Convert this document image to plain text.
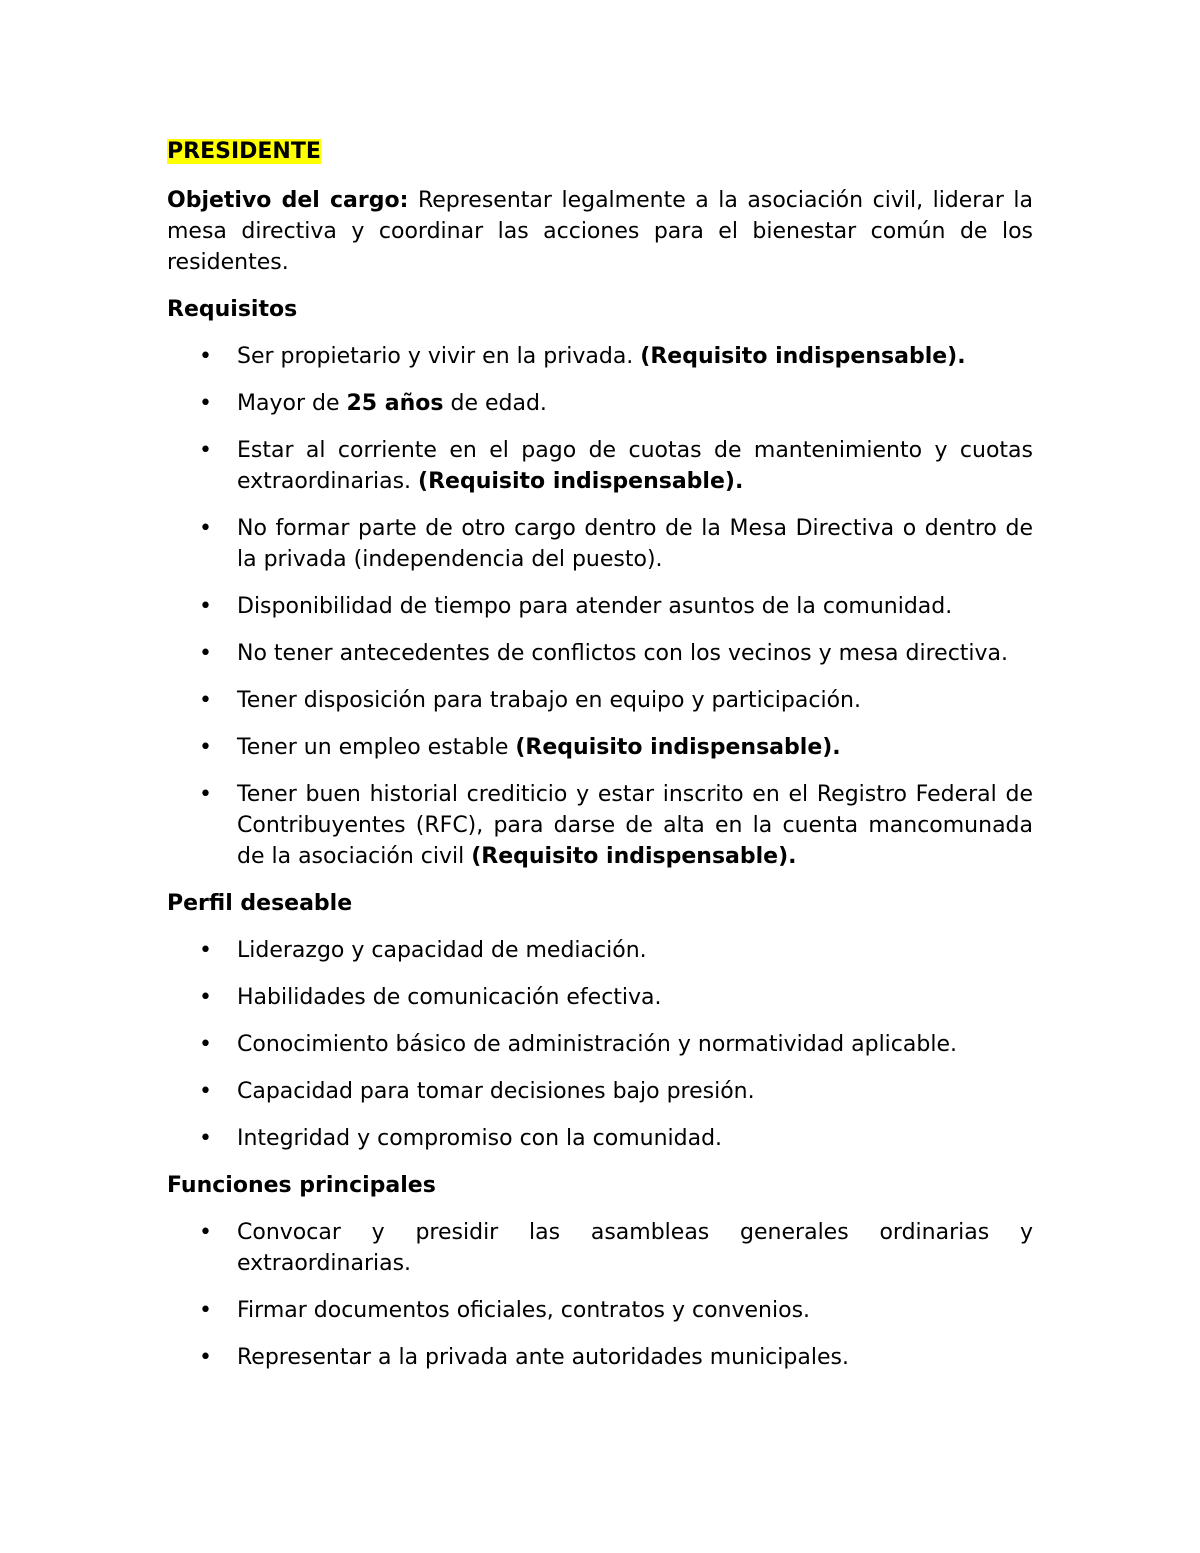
PRESIDENTE

Objetivo del cargo: Representar legalmente a la asociación civil, liderar la mesa directiva y coordinar las acciones para el bienestar común de los residentes.

Requisitos
• Ser propietario y vivir en la privada. (Requisito indispensable).
• Mayor de 25 años de edad.
• Estar al corriente en el pago de cuotas de mantenimiento y cuotas extraordinarias. (Requisito indispensable).
• No formar parte de otro cargo dentro de la Mesa Directiva o dentro de la privada (independencia del puesto).
• Disponibilidad de tiempo para atender asuntos de la comunidad.
• No tener antecedentes de conflictos con los vecinos y mesa directiva.
• Tener disposición para trabajo en equipo y participación.
• Tener un empleo estable (Requisito indispensable).
• Tener buen historial crediticio y estar inscrito en el Registro Federal de Contribuyentes (RFC), para darse de alta en la cuenta mancomunada de la asociación civil (Requisito indispensable).
Perfil deseable
• Liderazgo y capacidad de mediación.
• Habilidades de comunicación efectiva.
• Conocimiento básico de administración y normatividad aplicable.
• Capacidad para tomar decisiones bajo presión.
• Integridad y compromiso con la comunidad.
Funciones principales
• Convocar y presidir las asambleas generales ordinarias y extraordinarias.
• Firmar documentos oficiales, contratos y convenios.
• Representar a la privada ante autoridades municipales.
